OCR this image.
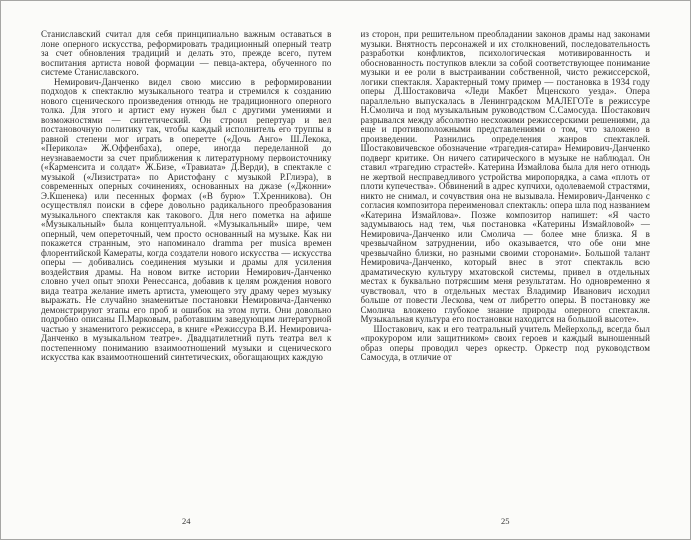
Станиславский считал для себя принципиально важным оставаться в лоне оперного искусства, реформировать традиционный оперный театр за счет обновления традиций и делать это, прежде всего, путем воспитания артиста новой формации — певца-актера, обученного по системе Станиславского.

Немирович-Данченко видел свою миссию в реформировании подходов к спектаклю музыкального театра и стремился к созданию нового сценического произведения отнюдь не традиционного оперного толка. Для этого и артист ему нужен был с другими умениями и возможностями — синтетический. Он строил репертуар и вел постановочную политику так, чтобы каждый исполнитель его труппы в равной степени мог играть в оперетте («Дочь Анго» Ш.Лекока, «Перикола» Ж.Оффенбаха), опере, иногда переделанной до неузнаваемости за счет приближения к литературному первоисточнику («Карменсита и солдат» Ж.Бизе, «Травиата» Д.Верди), в спектакле с музыкой («Лизистрата» по Аристофану с музыкой Р.Глиэра), в современных оперных сочинениях, основанных на джазе («Джонни» Э.Кшенека) или песенных формах («В бурю» Т.Хренникова). Он осуществлял поиски в сфере довольно радикального преобразования музыкального спектакля как такового. Для него пометка на афише «Музыкальный» была концептуальной. «Музыкальный» шире, чем оперный, чем опереточный, чем просто основанный на музыке. Как ни покажется странным, это напоминало dramma per musica времен флорентийской Камераты, когда создатели нового искусства — искусства оперы — добивались соединения музыки и драмы для усиления воздействия драмы. На новом витке истории Немирович-Данченко словно учел опыт эпохи Ренессанса, добавив к целям рождения нового вида театра желание иметь артиста, умеющего эту драму через музыку выражать. Не случайно знаменитые постановки Немировича-Данченко демонстрируют этапы его проб и ошибок на этом пути. Они довольно подробно описаны П.Марковым, работавшим заведующим литературной частью у знаменитого режиссера, в книге «Режиссура В.И. Немировича-Данченко в музыкальном театре». Двадцатилетний путь театра вел к постепенному пониманию взаимоотношений музыки и сценического искусства как взаимоотношений синтетических, обогащающих каждую

24

из сторон, при решительном преобладании законов драмы над законами музыки. Внятность персонажей и их столкновений, последовательность разработки конфликтов, психологическая мотивированность и обоснованность поступков влекли за собой соответствующее понимание музыки и ее роли в выстраивании собственной, чисто режиссерской, логики спектакля. Характерный тому пример — постановка в 1934 году оперы Д.Шостаковича «Леди Макбет Мценского уезда». Опера параллельно выпускалась в Ленинградском МАЛЕГОТе в режиссуре Н.Смолича и под музыкальным руководством С.Самосуда. Шостакович разрывался между абсолютно несхожими режиссерскими решениями, да еще и противоположными представлениями о том, что заложено в произведении. Разнились определения жанров спектаклей. Шостаковичевское обозначение «трагедия-сатира» Немирович-Данченко подверг критике. Он ничего сатирического в музыке не наблюдал. Он ставил «трагедию страстей». Катерина Измайлова была для него отнюдь не жертвой несправедливого устройства миропорядка, а сама «плоть от плоти купечества». Обвинений в адрес купчихи, одолеваемой страстями, никто не снимал, и сочувствия она не вызывала. Немирович-Данченко с согласия композитора переименовал спектакль: опера шла под названием «Катерина Измайлова». Позже композитор напишет: «Я часто задумываюсь над тем, чья постановка «Катерины Измайловой» — Немировича-Данченко или Смолича — более мне близка. Я в чрезвычайном затруднении, ибо оказывается, что обе они мне чрезвычайно близки, но разными своими сторонами». Большой талант Немировича-Данченко, который внес в этот спектакль всю драматическую культуру мхатовской системы, привел в отдельных местах к буквально потрясшим меня результатам. Но одновременно я чувствовал, что в отдельных местах Владимир Иванович исходил больше от повести Лескова, чем от либретто оперы. В постановку же Смолича вложено глубокое знание природы оперного спектакля. Музыкальная культура его постановки находится на большой высоте».

Шостакович, как и его театральный учитель Мейерхольд, всегда был «прокурором или защитником» своих героев и каждый выношенный образ оперы проводил через оркестр. Оркестр под руководством Самосуда, в отличие от

25
